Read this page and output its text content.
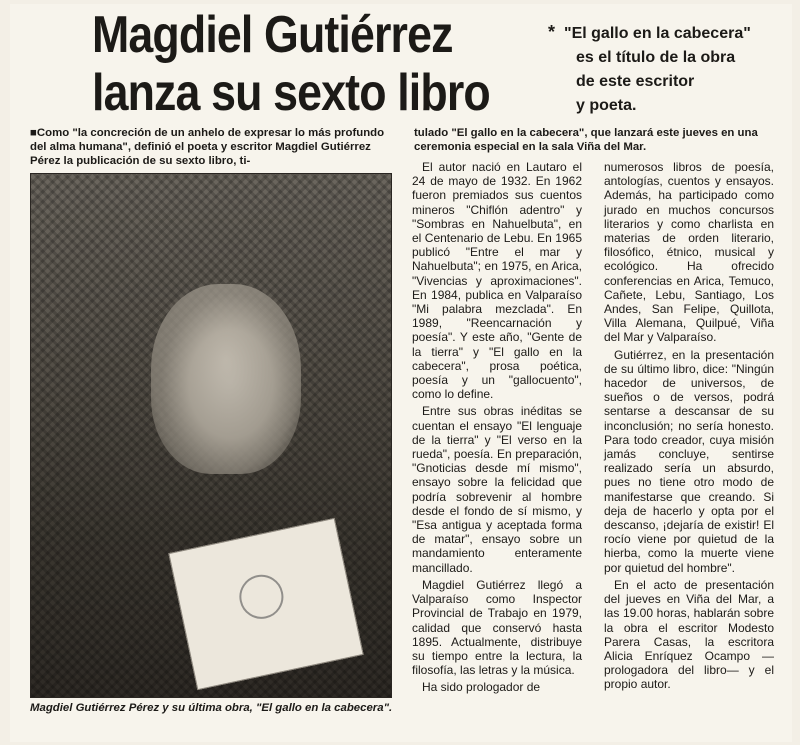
Magdiel Gutiérrez
lanza su sexto libro
* "El gallo en la cabecera"
es el título de la obra
de este escritor
y poeta.
■Como "la concreción de un anhelo de expresar lo más profundo del alma humana", definió el poeta y escritor Magdiel Gutiérrez Pérez la publicación de su sexto libro, ti-
tulado "El gallo en la cabecera", que lanzará este jueves en una ceremonia especial en la sala Viña del Mar.
Magdiel Gutiérrez Pérez y su última obra, "El gallo en la cabecera".

El autor nació en Lautaro el 24 de mayo de 1932. En 1962 fueron premiados sus cuentos mineros "Chiflón adentro" y "Sombras en Nahuelbuta", en el Centenario de Lebu. En 1965 publicó "Entre el mar y Nahuelbuta"; en 1975, en Arica, "Vivencias y aproximaciones". En 1984, publica en Valparaíso "Mi palabra mezclada". En 1989, "Reencarnación y poesía". Y este año, "Gente de la tierra" y "El gallo en la cabecera", prosa poética, poesía y un "gallocuento", como lo define.

Entre sus obras inéditas se cuentan el ensayo "El lenguaje de la tierra" y "El verso en la rueda", poesía. En preparación, "Gnoticias desde mí mismo", ensayo sobre la felicidad que podría sobrevenir al hombre desde el fondo de sí mismo, y "Esa antigua y aceptada forma de matar", ensayo sobre un mandamiento enteramente mancillado.

Magdiel Gutiérrez llegó a Valparaíso como Inspector Provincial de Trabajo en 1979, calidad que conservó hasta 1895. Actualmente, distribuye su tiempo entre la lectura, la filosofía, las letras y la música.

Ha sido prologador de

numerosos libros de poesía, antologías, cuentos y ensayos. Además, ha participado como jurado en muchos concursos literarios y como charlista en materias de orden literario, filosófico, étnico, musical y ecológico. Ha ofrecido conferencias en Arica, Temuco, Cañete, Lebu, Santiago, Los Andes, San Felipe, Quillota, Villa Alemana, Quilpué, Viña del Mar y Valparaíso.

Gutiérrez, en la presentación de su último libro, dice: "Ningún hacedor de universos, de sueños o de versos, podrá sentarse a descansar de su inconclusión; no sería honesto. Para todo creador, cuya misión jamás concluye, sentirse realizado sería un absurdo, pues no tiene otro modo de manifestarse que creando. Si deja de hacerlo y opta por el descanso, ¡dejaría de existir! El rocío viene por quietud de la hierba, como la muerte viene por quietud del hombre".

En el acto de presentación del jueves en Viña del Mar, a las 19.00 horas, hablarán sobre la obra el escritor Modesto Parera Casas, la escritora Alicia Enríquez Ocampo —prologadora del libro— y el propio autor.
